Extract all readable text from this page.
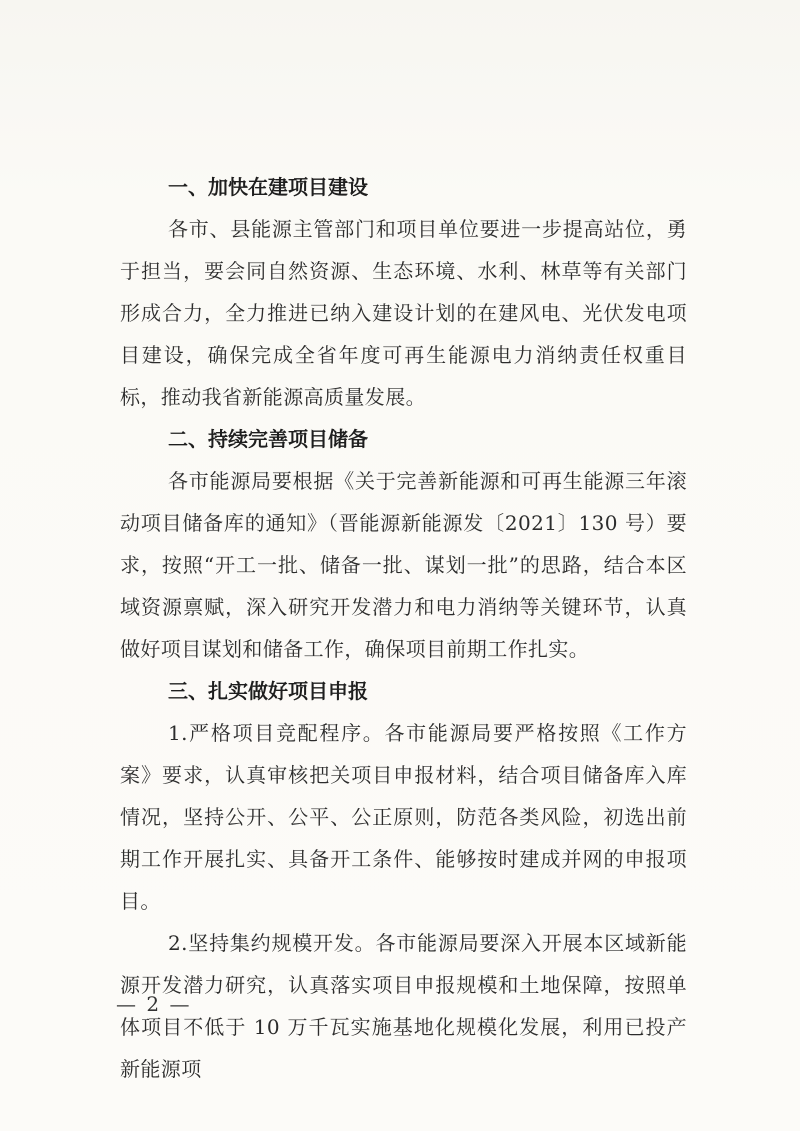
一、加快在建项目建设

各市、县能源主管部门和项目单位要进一步提高站位，勇于担当，要会同自然资源、生态环境、水利、林草等有关部门形成合力，全力推进已纳入建设计划的在建风电、光伏发电项目建设，确保完成全省年度可再生能源电力消纳责任权重目标，推动我省新能源高质量发展。

二、持续完善项目储备

各市能源局要根据《关于完善新能源和可再生能源三年滚动项目储备库的通知》（晋能源新能源发〔2021〕130 号）要求，按照“开工一批、储备一批、谋划一批”的思路，结合本区域资源禀赋，深入研究开发潜力和电力消纳等关键环节，认真做好项目谋划和储备工作，确保项目前期工作扎实。

三、扎实做好项目申报

1.严格项目竞配程序。各市能源局要严格按照《工作方案》要求，认真审核把关项目申报材料，结合项目储备库入库情况，坚持公开、公平、公正原则，防范各类风险，初选出前期工作开展扎实、具备开工条件、能够按时建成并网的申报项目。

2.坚持集约规模开发。各市能源局要深入开展本区域新能源开发潜力研究，认真落实项目申报规模和土地保障，按照单体项目不低于 10 万千瓦实施基地化规模化发展，利用已投产新能源项

— 2 —
